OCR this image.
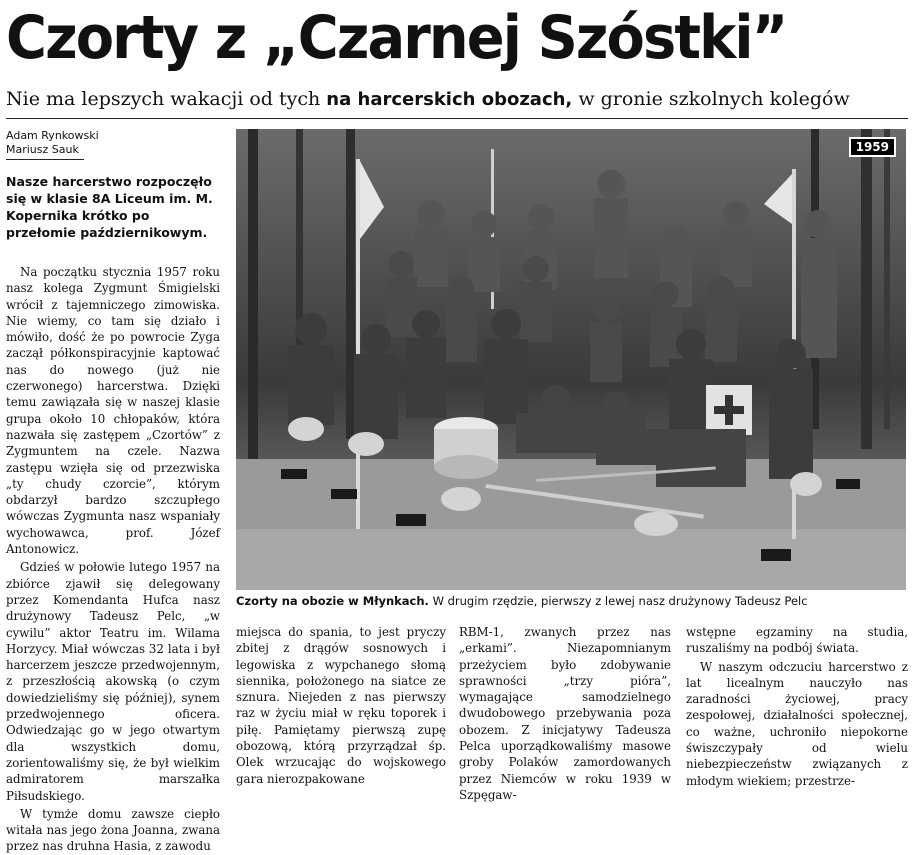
Czorty z „Czarnej Szóstki”
Nie ma lepszych wakacji od tych na harcerskich obozach, w gronie szkolnych kolegów
Adam Rynkowski
Mariusz Sauk
Nasze harcerstwo rozpoczęło się w klasie 8A Liceum im. M. Kopernika krótko po przełomie październikowym.

Na początku stycznia 1957 roku nasz kolega Zygmunt Śmigielski wrócił z tajemniczego zimowiska. Nie wiemy, co tam się działo i mówiło, dość że po powrocie Zyga zaczął półkonspiracyjnie kaptować nas do nowego (już nie czerwonego) harcerstwa. Dzięki temu zawiązała się w naszej klasie grupa około 10 chłopaków, która nazwała się zastępem „Czortów” z Zygmuntem na czele. Nazwa zastępu wzięła się od przezwiska „ty chudy czorcie”, którym obdarzył bardzo szczupłego wówczas Zygmunta nasz wspaniały wychowawca, prof. Józef Antonowicz.

Gdzieś w połowie lutego 1957 na zbiórce zjawił się delegowany przez Komendanta Hufca nasz drużynowy Tadeusz Pelc, „w cywilu” aktor Teatru im. Wilama Horzycy. Miał wówczas 32 lata i był harcerzem jeszcze przedwojennym, z przeszłością akowską (o czym dowiedzieliśmy się później), synem przedwojennego oficera. Odwiedzając go w jego otwartym dla wszystkich domu, zorientowaliśmy się, że był wielkim admiratorem marszałka Piłsudskiego.

W tymże domu zawsze ciepło witała nas jego żona Joanna, zwana przez nas druhna Hasia, z zawodu

1959
Czorty na obozie w Młynkach. W drugim rzędzie, pierwszy z lewej nasz drużynowy Tadeusz Pelc

miejsca do spania, to jest pryczy zbitej z drągów sosnowych i legowiska z wypchanego słomą siennika, położonego na siatce ze sznura. Niejeden z nas pierwszy raz w życiu miał w ręku toporek i piłę. Pamiętamy pierwszą zupę obozową, którą przyrządzał śp. Olek wrzucając do wojskowego gara nierozpakowane

RBM-1, zwanych przez nas „erkami”. Niezapomnianym przeżyciem było zdobywanie sprawności „trzy pióra”, wymagające samodzielnego dwudobowego przebywania poza obozem. Z inicjatywy Tadeusza Pelca uporządkowaliśmy masowe groby Polaków zamordowanych przez Niemców w roku 1939 w Szpęgaw-

wstępne egzaminy na studia, ruszaliśmy na podbój świata.

W naszym odczuciu harcerstwo z lat licealnym nauczyło nas zaradności życiowej, pracy zespołowej, działalności społecznej, co ważne, uchroniło niepokorne świszczypały od wielu niebezpieczeństw związanych z młodym wiekiem; przestrze-
